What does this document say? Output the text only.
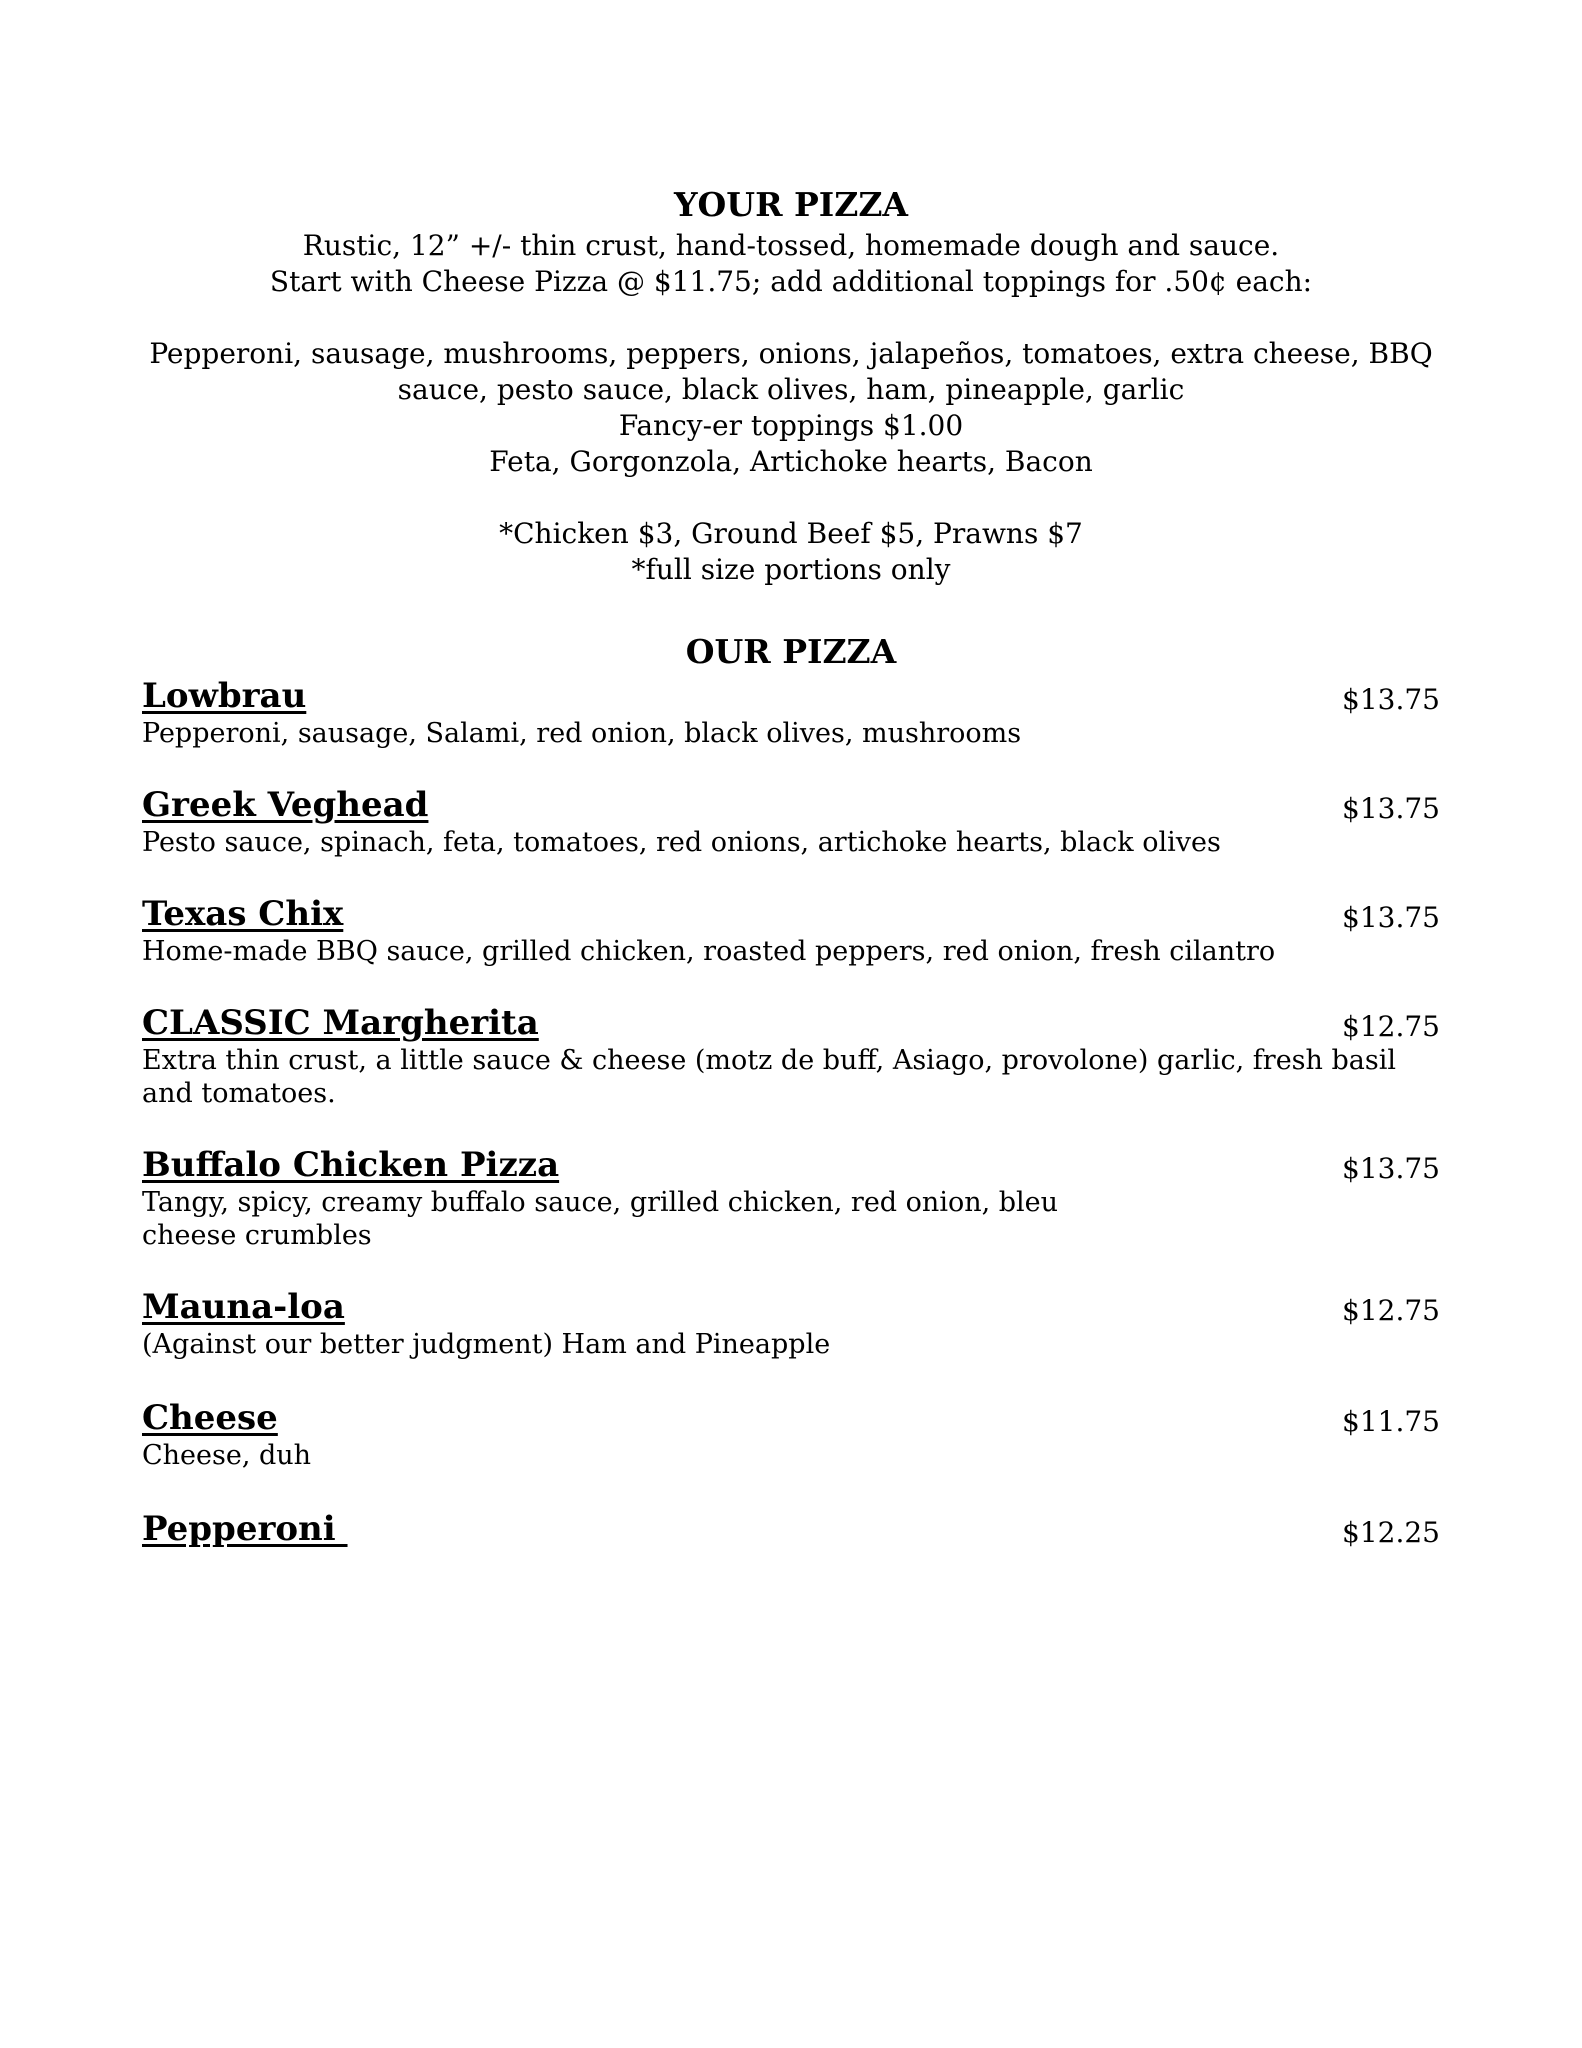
YOUR PIZZA
Rustic, 12” +/- thin crust, hand-tossed, homemade dough and sauce.
Start with Cheese Pizza @ $11.75; add additional toppings for .50¢ each:
Pepperoni, sausage, mushrooms, peppers, onions, jalapeños, tomatoes, extra cheese, BBQ
sauce, pesto sauce, black olives, ham, pineapple, garlic
Fancy-er toppings $1.00
Feta, Gorgonzola, Artichoke hearts, Bacon
*Chicken $3, Ground Beef $5, Prawns $7
*full size portions only
OUR PIZZA
Lowbrau	$13.75
Pepperoni, sausage, Salami, red onion, black olives, mushrooms
Greek Veghead	$13.75
Pesto sauce, spinach, feta, tomatoes, red onions, artichoke hearts, black olives
Texas Chix	$13.75
Home-made BBQ sauce, grilled chicken, roasted peppers, red onion, fresh cilantro
CLASSIC Margherita	$12.75
Extra thin crust, a little sauce & cheese (motz de buff, Asiago, provolone) garlic, fresh basil and tomatoes.
Buffalo Chicken Pizza	$13.75
Tangy, spicy, creamy buffalo sauce, grilled chicken, red onion, bleu cheese crumbles
Mauna-loa	$12.75
(Against our better judgment) Ham and Pineapple
Cheese	$11.75
Cheese, duh
Pepperoni	$12.25
